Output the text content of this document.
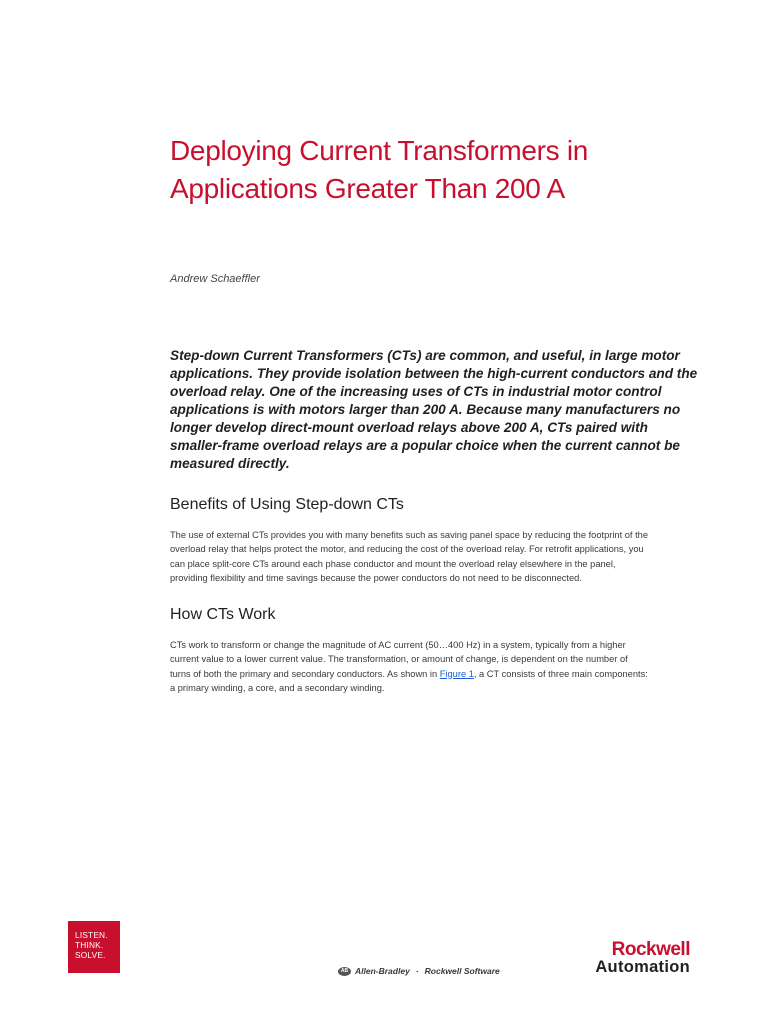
Deploying Current Transformers in
Applications Greater Than 200 A
Andrew Schaeffler

Step-down Current Transformers (CTs) are common, and useful, in large motor
applications. They provide isolation between the high-current conductors and the
overload relay. One of the increasing uses of CTs in industrial motor control
applications is with motors larger than 200 A. Because many manufacturers no
longer develop direct-mount overload relays above 200 A, CTs paired with
smaller-frame overload relays are a popular choice when the current cannot be
measured directly.

Benefits of Using Step-down CTs

The use of external CTs provides you with many benefits such as saving panel space by reducing the footprint of the
overload relay that helps protect the motor, and reducing the cost of the overload relay. For retrofit applications, you
can place split-core CTs around each phase conductor and mount the overload relay elsewhere in the panel,
providing flexibility and time savings because the power conductors do not need to be disconnected.

How CTs Work

CTs work to transform or change the magnitude of AC current (50…400 Hz) in a system, typically from a higher
current value to a lower current value. The transformation, or amount of change, is dependent on the number of
turns of both the primary and secondary conductors. As shown in Figure 1, a CT consists of three main components:
a primary winding, a core, and a secondary winding.

LISTEN.
THINK.
SOLVE.
AB Allen-Bradley · Rockwell Software
Rockwell
Automation
